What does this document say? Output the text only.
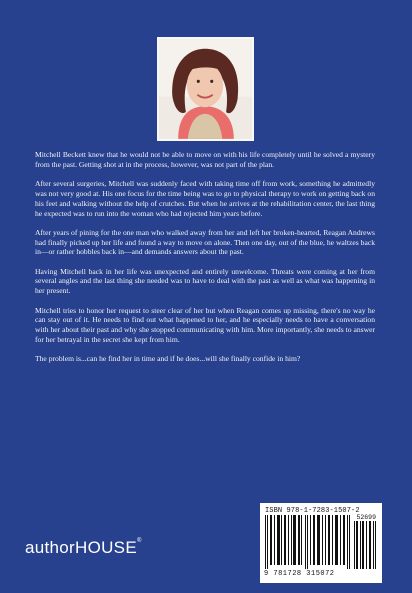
Mitchell Beckett knew that he would not be able to move on with his life completely until he solved a mystery from the past. Getting shot at in the process, however, was not part of the plan.

After several surgeries, Mitchell was suddenly faced with taking time off from work, something he admittedly was not very good at. His one focus for the time being was to go to physical therapy to work on getting back on his feet and walking without the help of crutches. But when he arrives at the rehabilitation center, the last thing he expected was to run into the woman who had rejected him years before.

After years of pining for the one man who walked away from her and left her broken-hearted, Reagan Andrews had finally picked up her life and found a way to move on alone. Then one day, out of the blue, he waltzes back in—or rather hobbles back in—and demands answers about the past.

Having Mitchell back in her life was unexpected and entirely unwelcome. Threats were coming at her from several angles and the last thing she needed was to have to deal with the past as well as what was happening in her present.

Mitchell tries to honor her request to steer clear of her but when Reagan comes up missing, there's no way he can stay out of it. He needs to find out what happened to her, and he especially needs to have a conversation with her about their past and why she stopped communicating with him. More importantly, she needs to answer for her betrayal in the secret she kept from him.

The problem is...can he find her in time and if he does...will she finally confide in him?

authorHOUSE®
ISBN 978-1-7283-1507-2
52699
9 781728 315072
